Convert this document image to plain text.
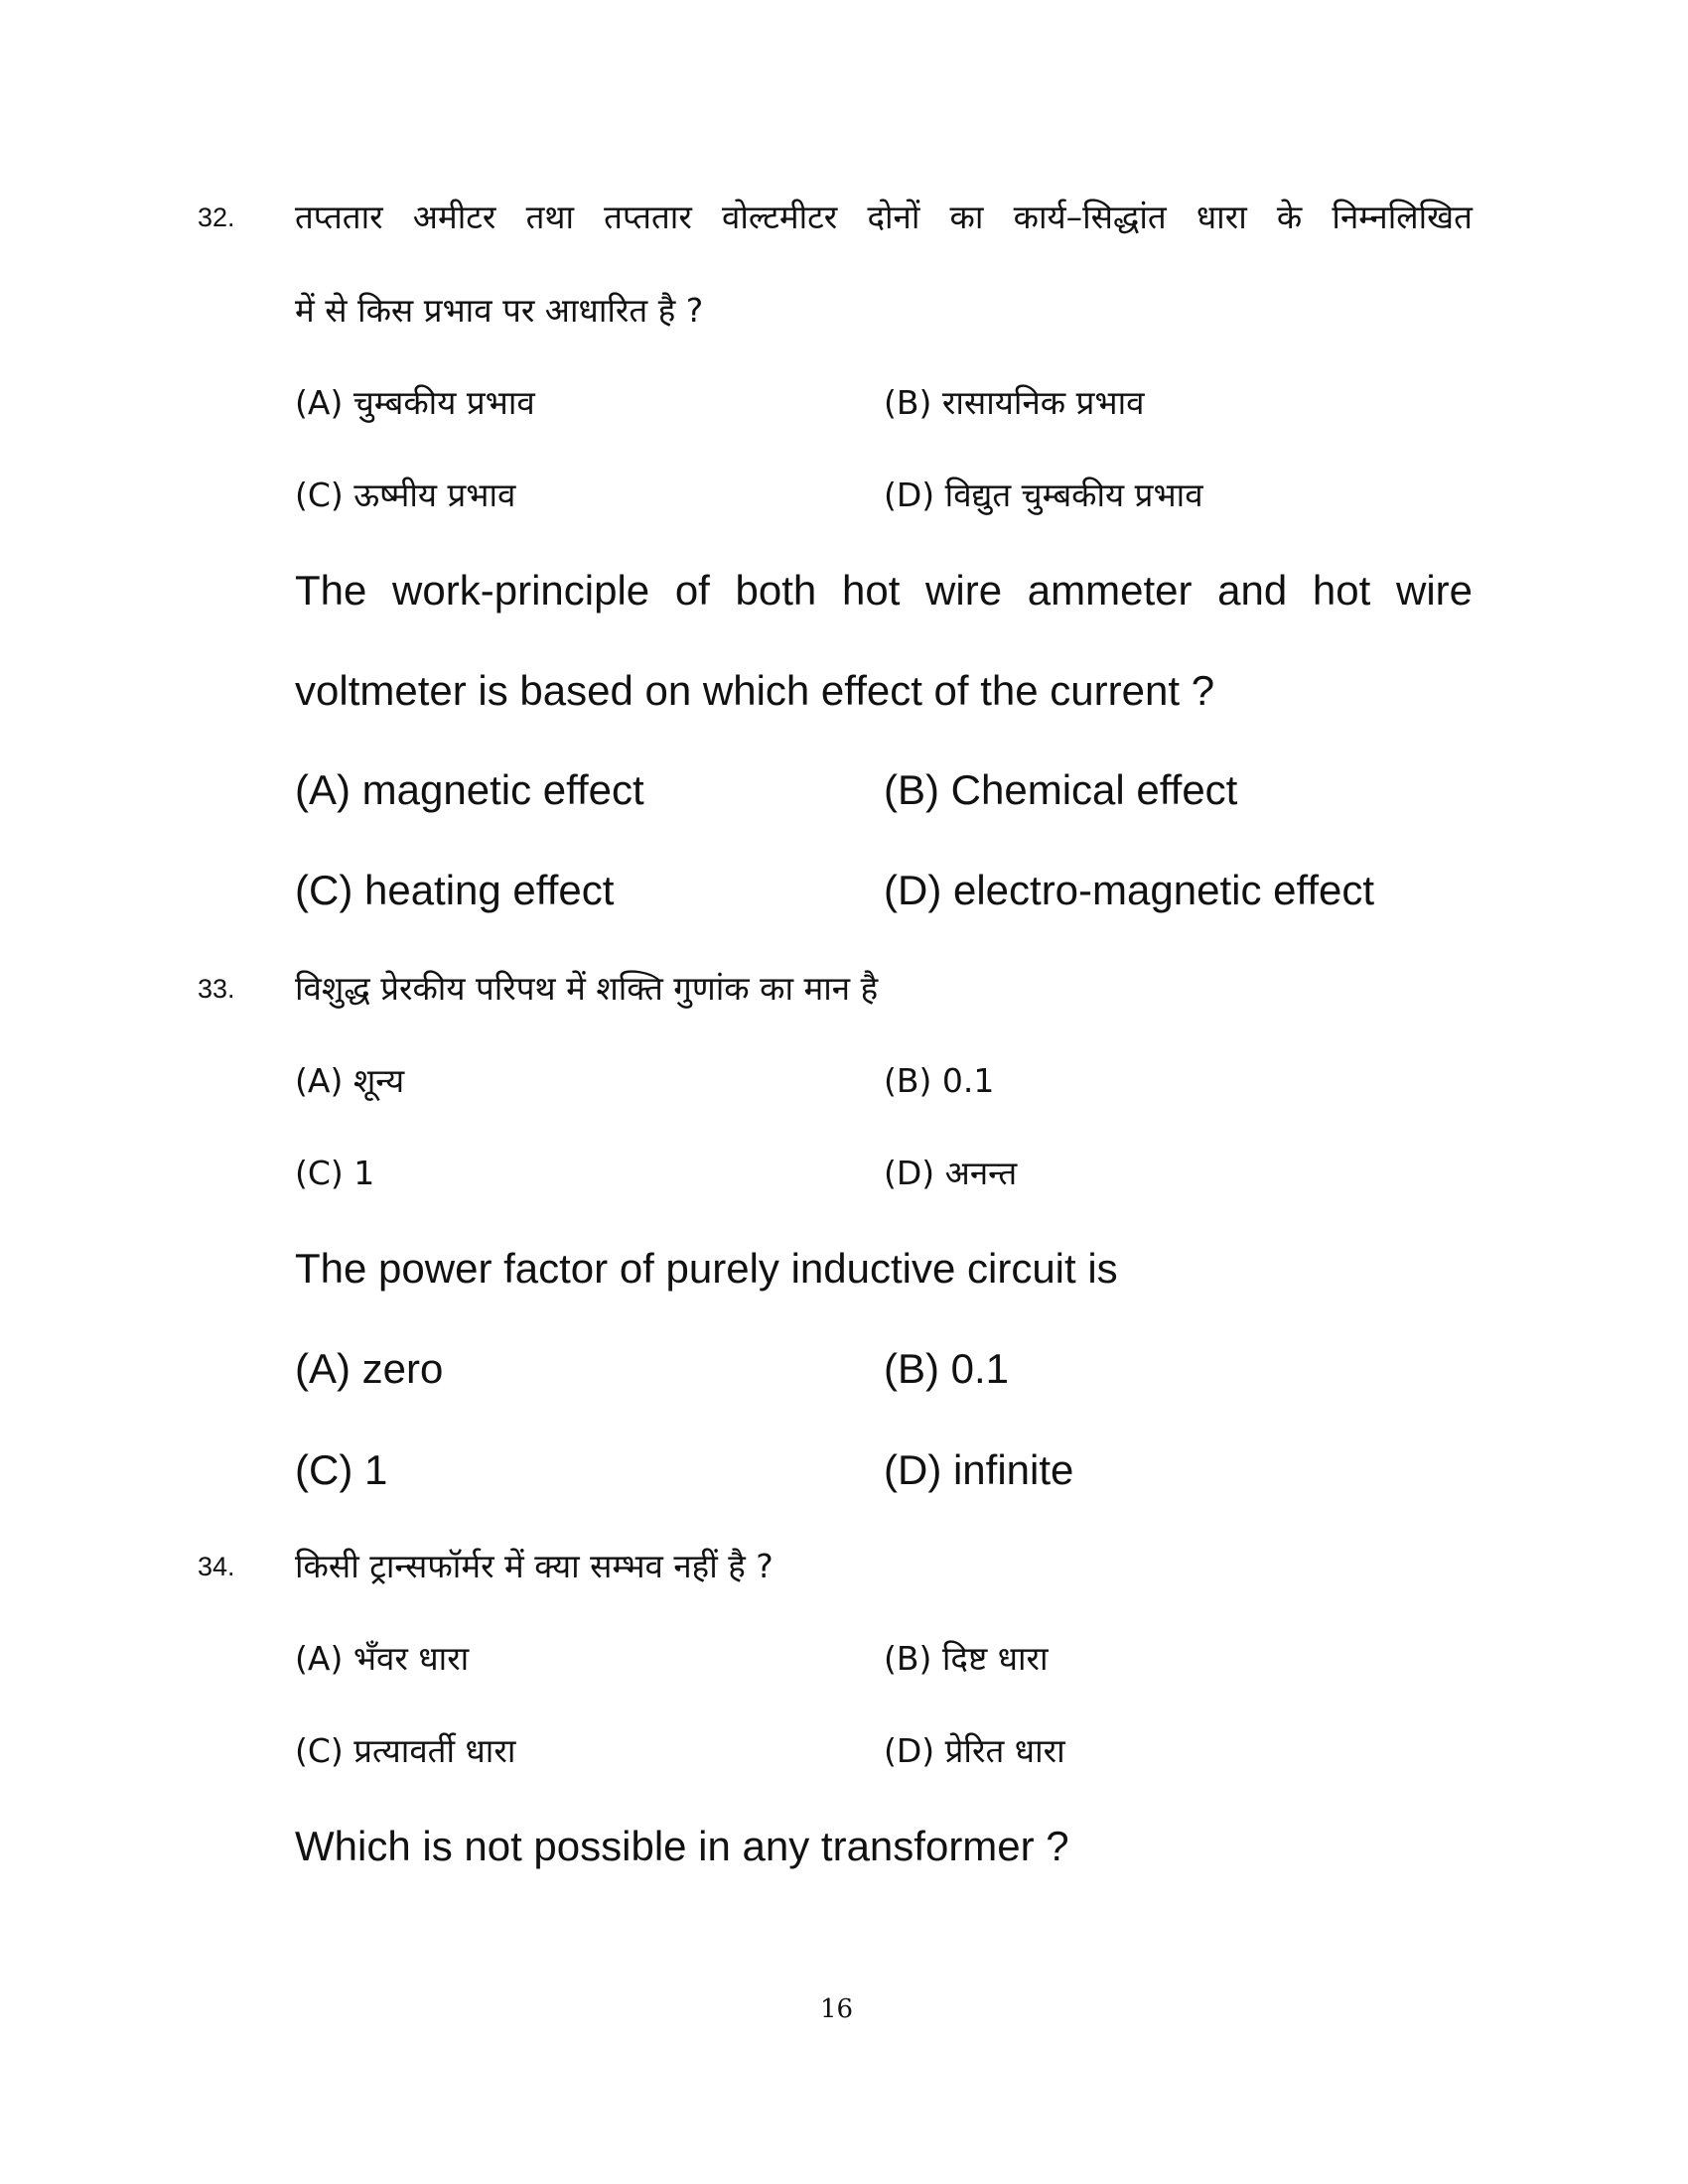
32. तप्ततार अमीटर तथा तप्ततार वोल्टमीटर दोनों का कार्य–सिद्धांत धारा के निम्नलिखित
में से किस प्रभाव पर आधारित है ?
(A) चुम्बकीय प्रभाव	(B) रासायनिक प्रभाव
(C) ऊष्मीय प्रभाव	(D) विद्युत चुम्बकीय प्रभाव
The work-principle of both hot wire ammeter and hot wire
voltmeter is based on which effect of the current ?
(A) magnetic effect	(B) Chemical effect
(C) heating effect	(D) electro-magnetic effect
33. विशुद्ध प्रेरकीय परिपथ में शक्ति गुणांक का मान है
(A) शून्य	(B) 0.1
(C) 1	(D) अनन्त
The power factor of purely inductive circuit is
(A) zero	(B) 0.1
(C) 1	(D) infinite
34. किसी ट्रान्सफॉर्मर में क्या सम्भव नहीं है ?
(A) भँवर धारा	(B) दिष्ट धारा
(C) प्रत्यावर्ती धारा	(D) प्रेरित धारा
Which is not possible in any transformer ?
16
